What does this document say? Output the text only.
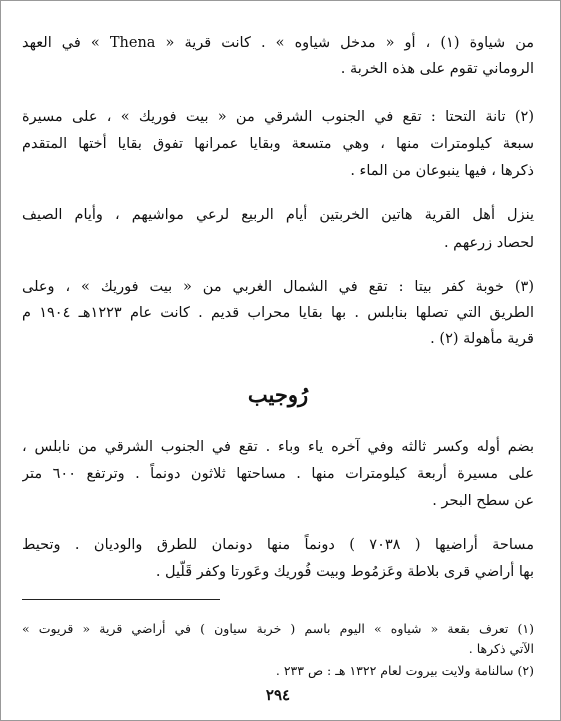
من شياوة (١) ، أو « مدخل شياوه » . كانت قرية « Thena » في العهد
الروماني تقوم على هذه الخربة .
(٢) تانة التحتا : تقع في الجنوب الشرقي من « بيت فوريك » ، على مسيرة
سبعة كيلومترات منها ، وهي متسعة وبقايا عمرانها تفوق بقايا أختها المتقدم
ذكرها ، فيها ينبوعان من الماء .
ينزل أهل القرية هاتين الخربتين أيام الربيع لرعي مواشيهم ، وأيام الصيف
لحصاد زرعهم .
(٣) خوبة كفر بيتا : تقع في الشمال الغربي من « بيت فوريك » ، وعلى
الطريق التي تصلها بنابلس . بها بقايا محراب قديم . كانت عام ١٢٢٣هـ ١٩٠٤ م
قرية مأهولة (٢) .
رُوجيب
بضم أوله وكسر ثالثه وفي آخره ياء وباء . تقع في الجنوب الشرقي من نابلس ،
على مسيرة أربعة كيلومترات منها . مساحتها ثلاثون دونماً . وترتفع ٦٠٠ متر
عن سطح البحر .
مساحة أراضيها ( ٧٠٣٨ ) دونماً منها دونمان للطرق والوديان . وتحيط
بها أراضي قرى بلاطة وعَزمُوط وبيت فُوريك وعَورتا وكفر قَلّيل .
(١) تعرف بقعة « شياوه » اليوم باسم ( خربة سياون ) في أراضي قرية « قريوت »
الآتي ذكرها .
(٢) سالنامة ولايت بيروت لعام ١٣٢٢ هـ : ص ٢٣٣ .
٢٩٤
